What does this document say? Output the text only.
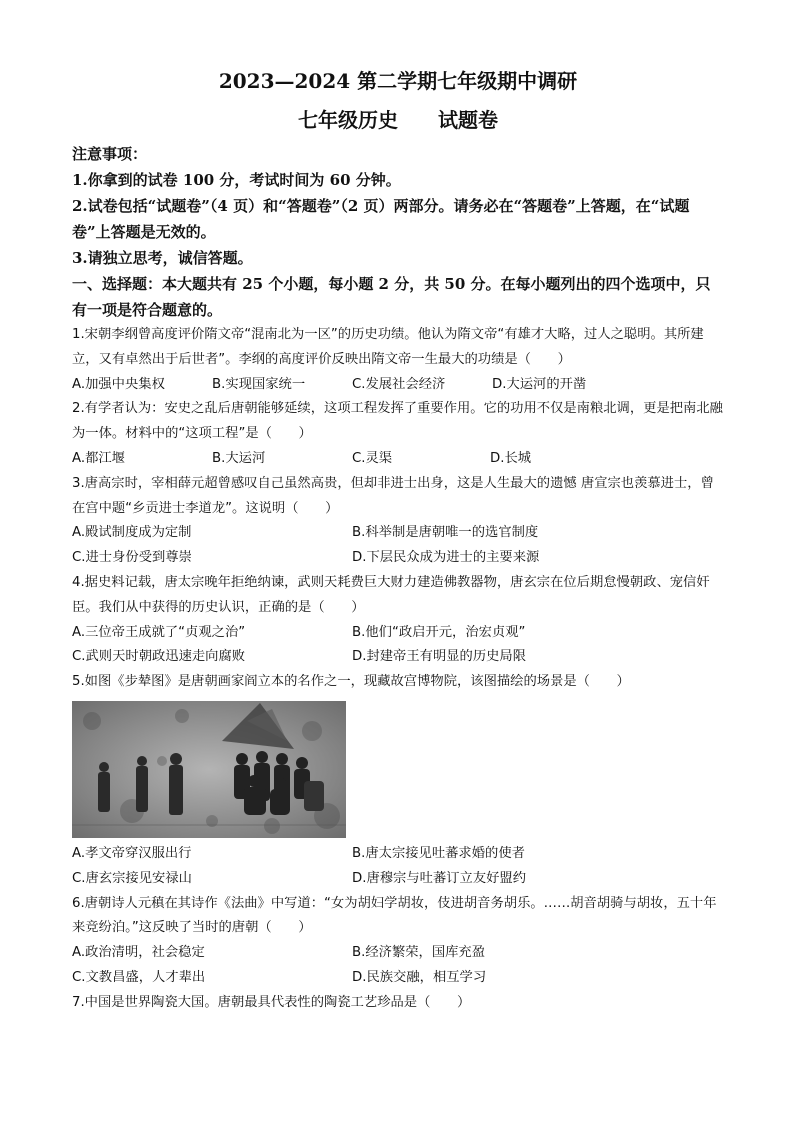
2023—2024 第二学期七年级期中调研
七年级历史　　试题卷

注意事项：

1.你拿到的试卷 100 分，考试时间为 60 分钟。

2.试卷包括“试题卷”（4 页）和“答题卷”（2 页）两部分。请务必在“答题卷”上答题，在“试题卷”上答题是无效的。

3.请独立思考，诚信答题。

一、选择题：本大题共有 25 个小题，每小题 2 分，共 50 分。在每小题列出的四个选项中，只有一项是符合题意的。

1.宋朝李纲曾高度评价隋文帝“混南北为一区”的历史功绩。他认为隋文帝“有雄才大略，过人之聪明。其所建立，又有卓然出于后世者”。李纲的高度评价反映出隋文帝一生最大的功绩是（　　）

A.加强中央集权	B.实现国家统一	C.发展社会经济	D.大运河的开凿

2.有学者认为：安史之乱后唐朝能够延续，这项工程发挥了重要作用。它的功用不仅是南粮北调，更是把南北融为一体。材料中的“这项工程”是（　　）

A.都江堰	B.大运河	C.灵渠	D.长城

3.唐高宗时，宰相薛元超曾感叹自己虽然高贵，但却非进士出身，这是人生最大的遗憾 唐宣宗也羡慕进士，曾在宫中题“乡贡进士李道龙”。这说明（　　）

A.殿试制度成为定制	B.科举制是唐朝唯一的选官制度
C.进士身份受到尊崇	D.下层民众成为进士的主要来源

4.据史料记载，唐太宗晚年拒绝纳谏，武则天耗费巨大财力建造佛教器物，唐玄宗在位后期怠慢朝政、宠信奸臣。我们从中获得的历史认识，正确的是（　　）

A.三位帝王成就了“贞观之治”	B.他们“政启开元，治宏贞观”
C.武则天时朝政迅速走向腐败	D.封建帝王有明显的历史局限

5.如图《步辇图》是唐朝画家阎立本的名作之一，现藏故宫博物院，该图描绘的场景是（　　）

A.孝文帝穿汉服出行	B.唐太宗接见吐蕃求婚的使者
C.唐玄宗接见安禄山	D.唐穆宗与吐蕃订立友好盟约

6.唐朝诗人元稹在其诗作《法曲》中写道：“女为胡妇学胡妆，伎进胡音务胡乐。……胡音胡骑与胡妆，五十年来竞纷泊。”这反映了当时的唐朝（　　）

A.政治清明，社会稳定	B.经济繁荣，国库充盈
C.文教昌盛，人才辈出	D.民族交融，相互学习

7.中国是世界陶瓷大国。唐朝最具代表性的陶瓷工艺珍品是（　　）
